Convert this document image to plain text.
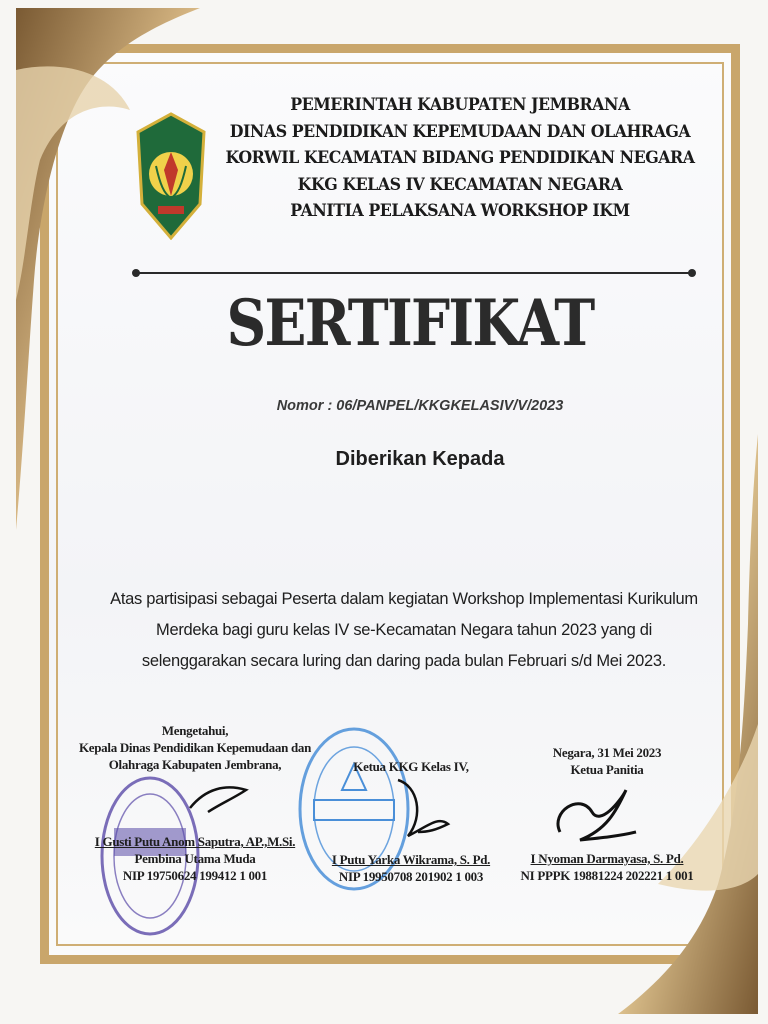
PEMERINTAH KABUPATEN JEMBRANA
DINAS PENDIDIKAN KEPEMUDAAN DAN OLAHRAGA
KORWIL KECAMATAN BIDANG PENDIDIKAN NEGARA
KKG KELAS IV KECAMATAN NEGARA
PANITIA PELAKSANA WORKSHOP IKM
SERTIFIKAT
Nomor : 06/PANPEL/KKGKELASIV/V/2023
Diberikan Kepada
Atas partisipasi sebagai Peserta dalam kegiatan Workshop Implementasi Kurikulum
Merdeka bagi guru kelas IV se-Kecamatan Negara tahun 2023 yang di
selenggarakan secara luring dan daring pada bulan Februari s/d Mei 2023.
Mengetahui,
Kepala Dinas Pendidikan Kepemudaan dan
Olahraga Kabupaten Jembrana,
I Gusti Putu Anom Saputra, AP.,M.Si.
Pembina Utama Muda
NIP 19750624 199412 1 001
Ketua KKG Kelas IV,
I Putu Yarka Wikrama, S. Pd.
NIP 19950708 201902 1 003
Negara, 31 Mei 2023
Ketua Panitia
I Nyoman Darmayasa, S. Pd.
NI PPPK 19881224 202221 1 001
